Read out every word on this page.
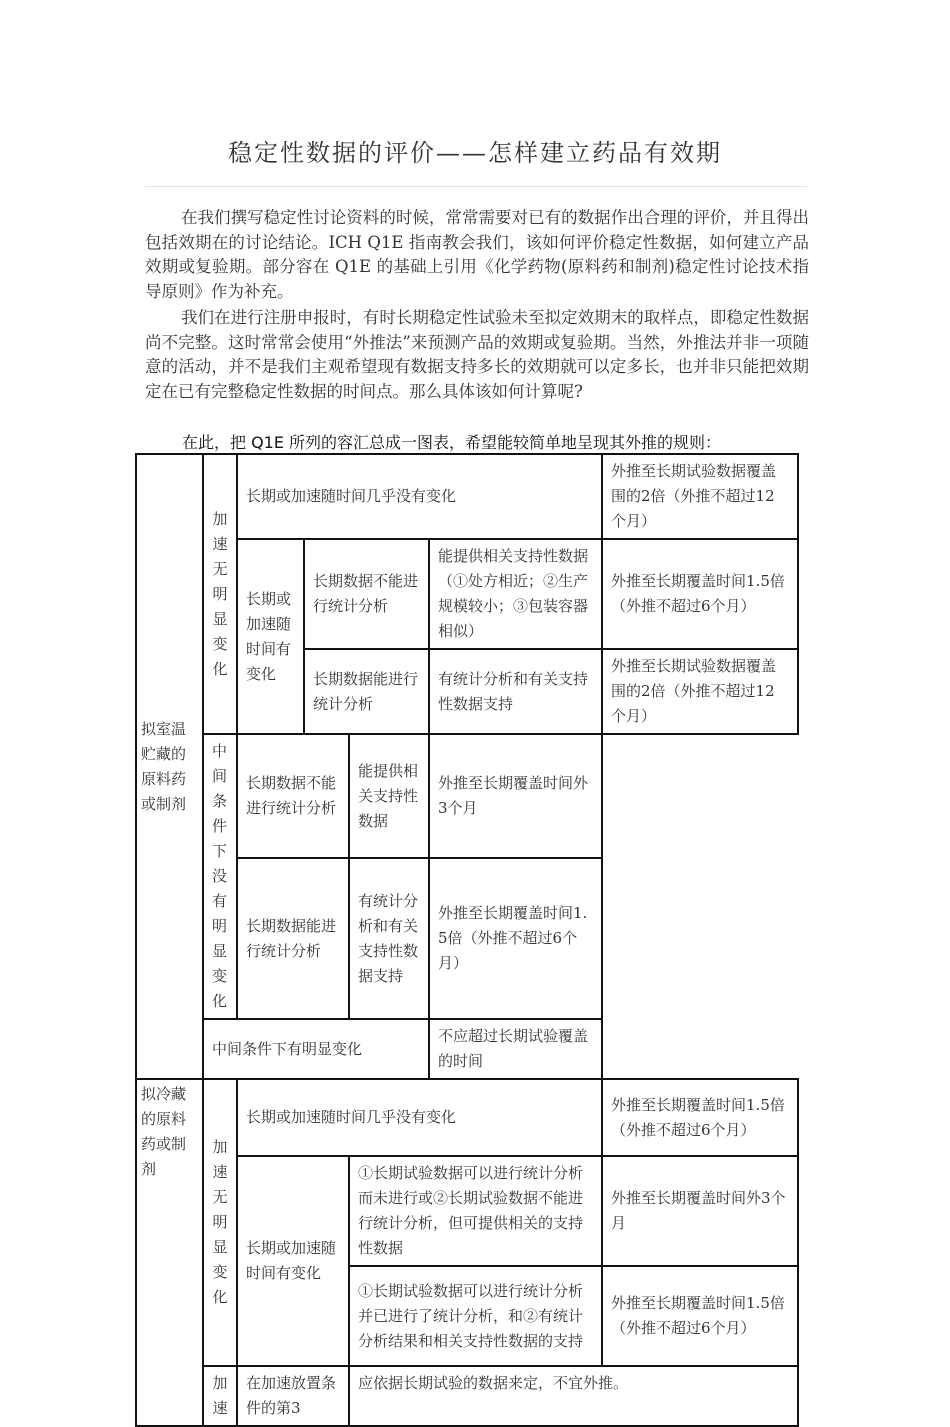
稳定性数据的评价——怎样建立药品有效期

在我们撰写稳定性讨论资料的时候，常常需要对已有的数据作出合理的评价，并且得出包括效期在的讨论结论。ICH Q1E 指南教会我们，该如何评价稳定性数据，如何建立产品效期或复验期。部分容在 Q1E 的基础上引用《化学药物(原料药和制剂)稳定性讨论技术指导原则》作为补充。

我们在进行注册申报时，有时长期稳定性试验未至拟定效期末的取样点，即稳定性数据尚不完整。这时常常会使用“外推法”来预测产品的效期或复验期。当然，外推法并非一项随意的活动，并不是我们主观希望现有数据支持多长的效期就可以定多长，也并非只能把效期定在已有完整稳定性数据的时间点。那么具体该如何计算呢?

在此，把 Q1E 所列的容汇总成一图表，希望能较简单地呈现其外推的规则：
拟室温贮藏的原料药或制剂	加速无明显变化	长期或加速随时间几乎没有变化				外推至长期试验数据覆盖围的2倍（外推不超过12个月）
		长期或加速随时间有变化	长期数据不能进行统计分析		能提供相关支持性数据（①处方相近；②生产规模较小；③包装容器相似）	外推至长期覆盖时间1.5倍（外推不超过6个月）
			长期数据能进行统计分析		有统计分析和有关支持性数据支持	外推至长期试验数据覆盖围的2倍（外推不超过12个月）

	中间条件下没有明显变化	长期数据不能进行统计分析		能提供相关支持性数据	外推至长期覆盖时间外3个月	
		长期数据能进行统计分析		有统计分析和有关支持性数据支持	外推至长期覆盖时间1.5倍（外推不超过6个月）	
	中间条件下有明显变化				不应超过长期试验覆盖的时间	

拟冷藏的原料药或制剂	加速无明显变化	长期或加速随时间几乎没有变化				外推至长期覆盖时间1.5倍（外推不超过6个月）
		长期或加速随时间有变化		①长期试验数据可以进行统计分析而未进行或②长期试验数据不能进行统计分析，但可提供相关的支持性数据		外推至长期覆盖时间外3个月
				①长期试验数据可以进行统计分析并已进行了统计分析，和②有统计分析结果和相关支持性数据的支持		外推至长期覆盖时间1.5倍（外推不超过6个月）
	加速	在加速放置条件的第3		应依据长期试验的数据来定，不宜外推。		
